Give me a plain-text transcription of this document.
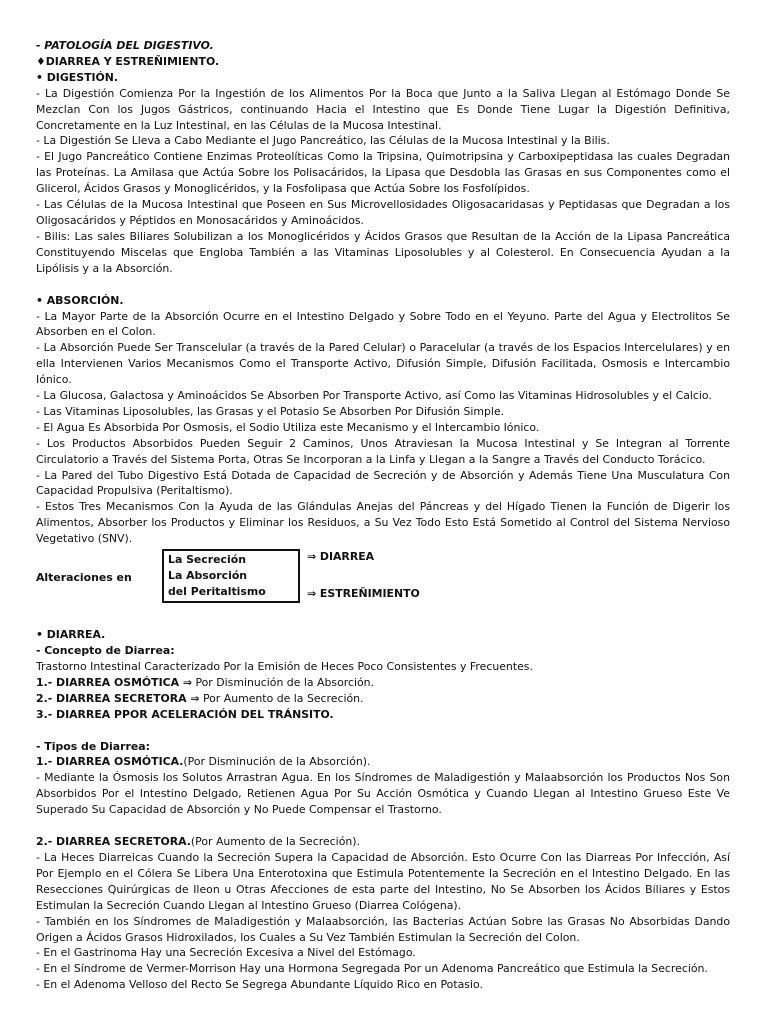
- PATOLOGÍA DEL DIGESTIVO.
♦DIARREA Y ESTREÑIMIENTO.
• DIGESTIÓN.
- La Digestión Comienza Por la Ingestión de los Alimentos Por la Boca que Junto a la Saliva Llegan al Estómago Donde Se Mezclan Con los Jugos Gástricos, continuando Hacia el Intestino que Es Donde Tiene Lugar la Digestión Definitiva, Concretamente en la Luz Intestinal, en las Células de la Mucosa Intestinal.
- La Digestión Se Lleva a Cabo Mediante el Jugo Pancreático, las Células de la Mucosa Intestinal y la Bilis.
- El Jugo Pancreático Contiene Enzimas Proteolíticas Como la Tripsina, Quimotripsina y Carboxipeptidasa las cuales Degradan las Proteínas. La Amilasa que Actúa Sobre los Polisacáridos, la Lipasa que Desdobla las Grasas en sus Componentes como el Glicerol, Ácidos Grasos y Monoglicéridos, y la Fosfolipasa que Actúa Sobre los Fosfolípidos.
- Las Células de la Mucosa Intestinal que Poseen en Sus Microvellosidades Oligosacaridasas y Peptidasas que Degradan a los Oligosacáridos y Péptidos en Monosacáridos y Aminoácidos.
- Bilis: Las sales Biliares Solubilizan a los Monoglicéridos y Ácidos Grasos que Resultan de la Acción de la Lipasa Pancreática Constituyendo Miscelas que Engloba También a las Vitaminas Liposolubles y al Colesterol. En Consecuencia Ayudan a la Lipólisis y a la Absorción.
• ABSORCIÓN.
- La Mayor Parte de la Absorción Ocurre en el Intestino Delgado y Sobre Todo en el Yeyuno. Parte del Agua y Electrolitos Se Absorben en el Colon.
- La Absorción Puede Ser Transcelular (a través de la Pared Celular) o Paracelular (a través de los Espacios Intercelulares) y en ella Intervienen Varios Mecanismos Como el Transporte Activo, Difusión Simple, Difusión Facilitada, Osmosis e Intercambio Iónico.
- La Glucosa, Galactosa y Aminoácidos Se Absorben Por Transporte Activo, así Como las Vitaminas Hidrosolubles y el Calcio.
- Las Vitaminas Liposolubles, las Grasas y el Potasio Se Absorben Por Difusión Simple.
- El Agua Es Absorbida Por Osmosis, el Sodio Utiliza este Mecanismo y el Intercambio Iónico.
- Los Productos Absorbidos Pueden Seguir 2 Caminos, Unos Atraviesan la Mucosa Intestinal y Se Integran al Torrente Circulatorio a Través del Sistema Porta, Otras Se Incorporan a la Linfa y Llegan a la Sangre a Través del Conducto Torácico.
- La Pared del Tubo Digestivo Está Dotada de Capacidad de Secreción y de Absorción y Además Tiene Una Musculatura Con Capacidad Propulsiva (Peritaltismo).
- Estos Tres Mecanismos Con la Ayuda de las Glándulas Anejas del Páncreas y del Hígado Tienen la Función de Digerir los Alimentos, Absorber los Productos y Eliminar los Residuos, a Su Vez Todo Esto Está Sometido al Control del Sistema Nervioso Vegetativo (SNV).
Alteraciones en
La Secreción
La Absorción
del Peritaltismo
⇒ DIARREA
⇒ ESTREÑIMIENTO
• DIARREA.
- Concepto de Diarrea:
Trastorno Intestinal Caracterizado Por la Emisión de Heces Poco Consistentes y Frecuentes.
1.- DIARREA OSMÓTICA ⇒ Por Disminución de la Absorción.
2.- DIARREA SECRETORA ⇒ Por Aumento de la Secreción.
3.- DIARREA PPOR ACELERACIÓN DEL TRÁNSITO.
- Tipos de Diarrea:
1.- DIARREA OSMÓTICA.(Por Disminución de la Absorción).
- Mediante la Ósmosis los Solutos Arrastran Agua. En los Síndromes de Maladigestión y Malaabsorción los Productos Nos Son Absorbidos Por el Intestino Delgado, Retienen Agua Por Su Acción Osmótica y Cuando Llegan al Intestino Grueso Este Ve Superado Su Capacidad de Absorción y No Puede Compensar el Trastorno.
2.- DIARREA SECRETORA.(Por Aumento de la Secreción).
- La Heces Diarreicas Cuando la Secreción Supera la Capacidad de Absorción. Esto Ocurre Con las Diarreas Por Infección, Así Por Ejemplo en el Cólera Se Libera Una Enterotoxina que Estimula Potentemente la Secreción en el Intestino Delgado. En las Resecciones Quirúrgicas de Ileon u Otras Afecciones de esta parte del Intestino, No Se Absorben los Ácidos Biliares y Estos Estimulan la Secreción Cuando Llegan al Intestino Grueso (Diarrea Cológena).
- También en los Síndromes de Maladigestión y Malaabsorción, las Bacterias Actúan Sobre las Grasas No Absorbidas Dando Origen a Ácidos Grasos Hidroxilados, los Cuales a Su Vez También Estimulan la Secreción del Colon.
- En el Gastrinoma Hay una Secreción Excesiva a Nivel del Estómago.
- En el Síndrome de Vermer-Morrison Hay una Hormona Segregada Por un Adenoma Pancreático que Estimula la Secreción.
- En el Adenoma Velloso del Recto Se Segrega Abundante Líquido Rico en Potasio.
